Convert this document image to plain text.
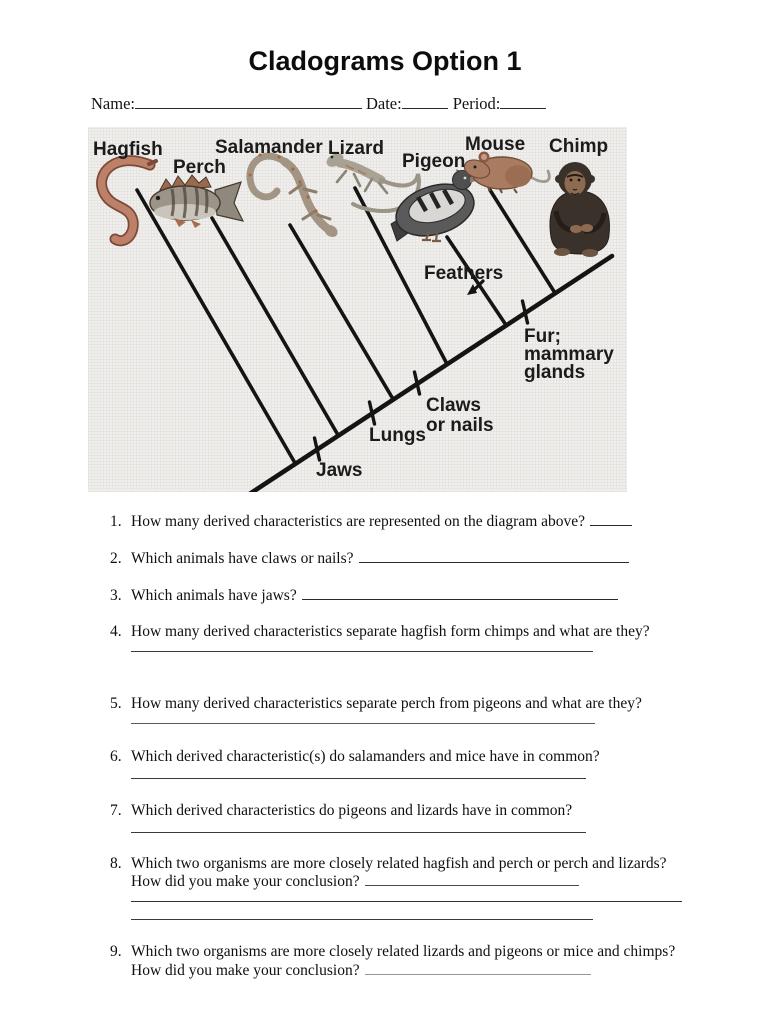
Cladograms Option 1
Name:	Date:	Period:
Hagfish
Perch
Salamander Lizard
Pigeon
Mouse Chimp
Jaws
Lungs
Claws
or nails
Feathers
Fur;
mammary
glands
1. How many derived characteristics are represented on the diagram above?
2. Which animals have claws or nails?
3. Which animals have jaws?
4. How many derived characteristics separate hagfish form chimps and what are they?
5. How many derived characteristics separate perch from pigeons and what are they?
6. Which derived characteristic(s) do salamanders and mice have in common?
7. Which derived characteristics do pigeons and lizards have in common?
8. Which two organisms are more closely related hagfish and perch or perch and lizards?
How did you make your conclusion?
9. Which two organisms are more closely related lizards and pigeons or mice and chimps?
How did you make your conclusion?
